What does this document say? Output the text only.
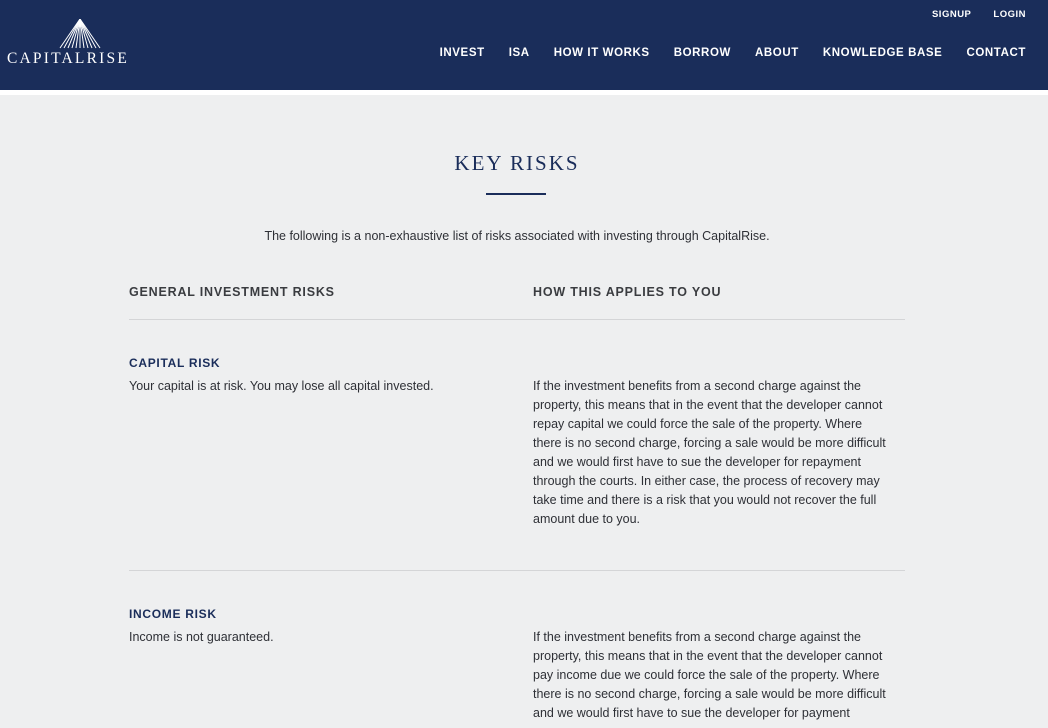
CAPITALRISE
SIGNUP LOGIN
INVEST ISA HOW IT WORKS BORROW ABOUT KNOWLEDGE BASE CONTACT
KEY RISKS
The following is a non-exhaustive list of risks associated with investing through CapitalRise.
GENERAL INVESTMENT RISKS	HOW THIS APPLIES TO YOU
CAPITAL RISK
Your capital is at risk. You may lose all capital invested.	If the investment benefits from a second charge against the property, this means that in the event that the developer cannot repay capital we could force the sale of the property. Where there is no second charge, forcing a sale would be more difficult and we would first have to sue the developer for repayment through the courts. In either case, the process of recovery may take time and there is a risk that you would not recover the full amount due to you.
INCOME RISK
Income is not guaranteed.	If the investment benefits from a second charge against the property, this means that in the event that the developer cannot pay income due we could force the sale of the property. Where there is no second charge, forcing a sale would be more difficult and we would first have to sue the developer for payment
